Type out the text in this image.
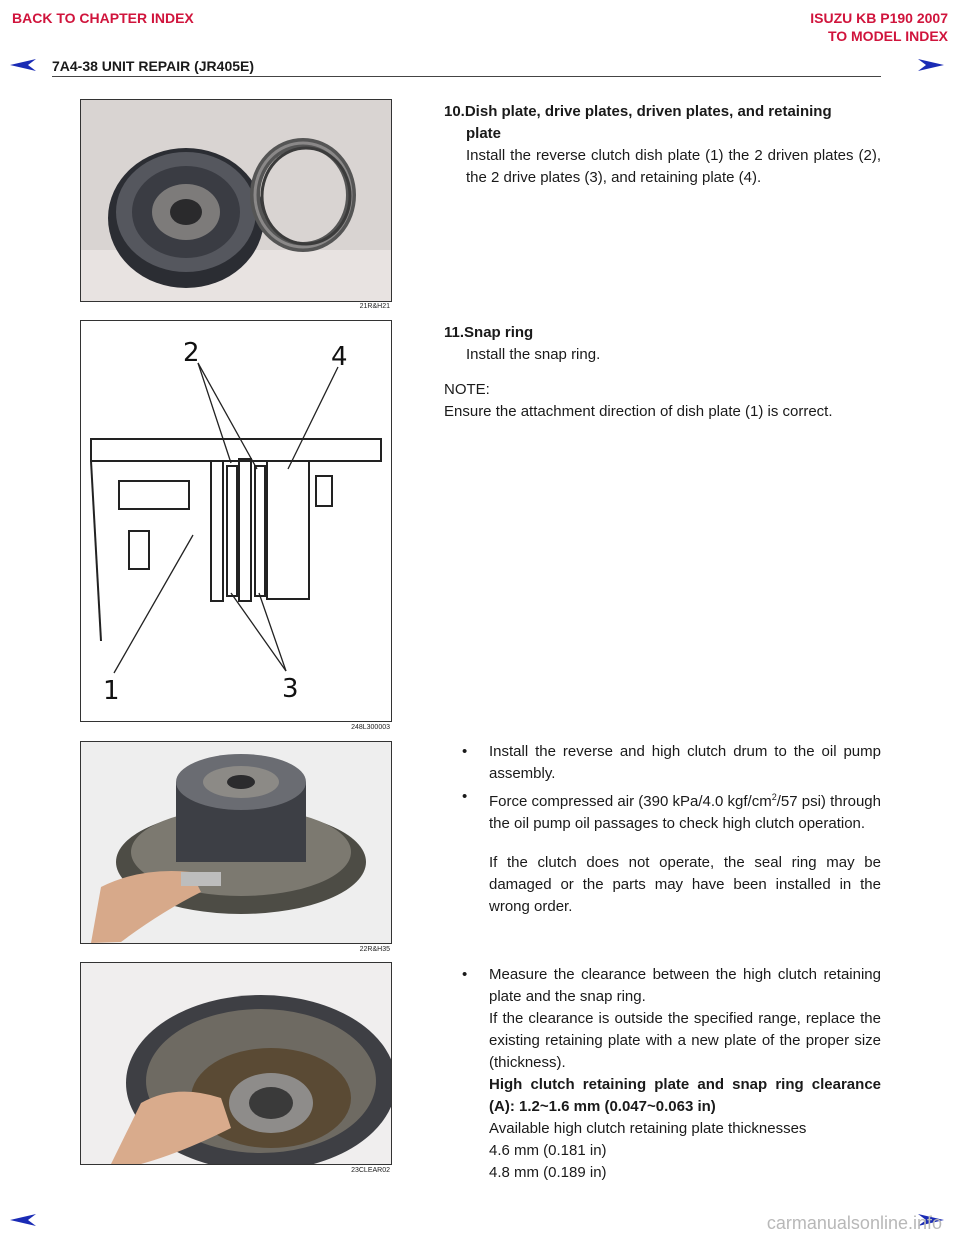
BACK TO CHAPTER INDEX	ISUZU KB P190 2007
TO MODEL INDEX
7A4-38 UNIT REPAIR (JR405E)
21R&H21
2	4
1	3
248L300003
22R&H35
23CLEAR02
10.Dish plate, drive plates, driven plates, and retaining
plate
Install the reverse clutch dish plate (1) the 2 driven plates (2), the 2 drive plates (3), and retaining plate (4).
11.Snap ring
Install the snap ring.
NOTE:
Ensure the attachment direction of dish plate (1) is correct.
• Install the reverse and high clutch drum to the oil pump assembly.
• Force compressed air (390 kPa/4.0 kgf/$cm^2/57$ psi) through the oil pump oil passages to check high clutch operation.
If the clutch does not operate, the seal ring may be damaged or the parts may have been installed in the wrong order.
• Measure the clearance between the high clutch retaining plate and the snap ring.
If the clearance is outside the specified range, replace the existing retaining plate with a new plate of the proper size (thickness).
High clutch retaining plate and snap ring clearance (A): 1.2~1.6 mm (0.047~0.063 in)
Available high clutch retaining plate thicknesses
4.6 mm (0.181 in)
4.8 mm (0.189 in)
carmanualsonline.info
